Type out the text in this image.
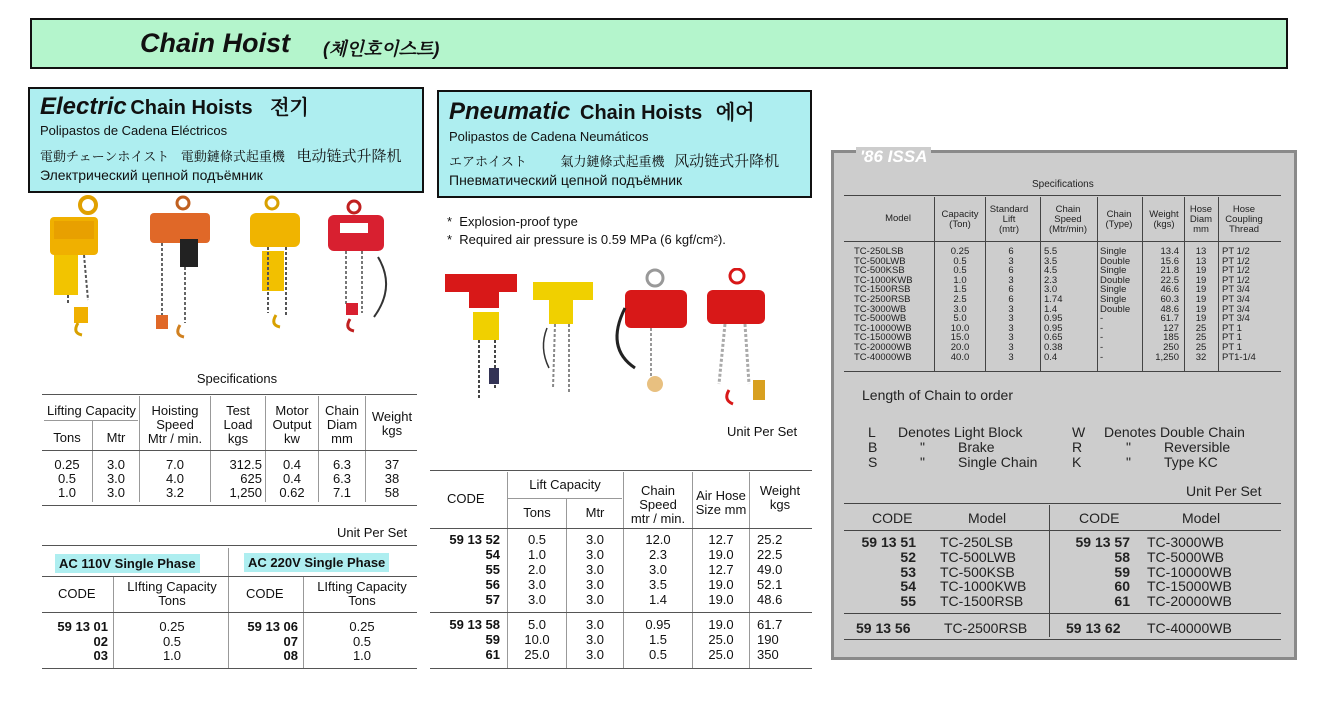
Chain Hoist (체인호이스트)
Electric Chain Hoists 전기
Polipastos de Cadena Eléctricos
電動チェーンホイスト 電動鏈條式起重機 电动链式升降机
Электрический цепной подъёмник
Pneumatic Chain Hoists 에어
Polipastos de Cadena Neumáticos
エアホイスト	氣力鏈條式起重機 风动链式升降机
Пневматический цепной подъёмник
Specifications
Lifting Capacity
Tons	Mtr
Hoisting
Speed
Mtr / min.
Test
Load
kgs
Motor
Output
kw
Chain
Diam
mm
Weight
kgs
0.25	3.0	7.0	312.5	0.4	6.3	37
0.5	3.0	4.0	625	0.4	6.3	38
1.0	3.0	3.2	1,250	0.62	7.1	58
Unit Per Set
AC 110V Single Phase	AC 220V Single Phase
CODE	LIfting Capacity
Tons	CODE	LIfting Capacity
Tons
59 13 01	0.25	59 13 06	0.25
02	0.5	07	0.5
03	1.0	08	1.0
*  Explosion-proof type
*  Required air pressure is 0.59 MPa (6 kgf/cm²).
Unit Per Set
CODE
Lift Capacity
Tons	Mtr
Chain
Speed
mtr / min.
Air Hose
Size mm
Weight
kgs
59 13 52	0.5	3.0	12.0	12.7	25.2
54	1.0	3.0	2.3	19.0	22.5
55	2.0	3.0	3.0	12.7	49.0
56	3.0	3.0	3.5	19.0	52.1
57	3.0	3.0	1.4	19.0	48.6
59 13 58	5.0	3.0	0.95	19.0	61.7
59	10.0	3.0	1.5	25.0	190
61	25.0	3.0	0.5	25.0	350
'86 ISSA
Specifications
Model	Capacity
(Ton)
Standard
Lift
(mtr)
Chain
Speed
(Mtr/min)
Chain
(Type)
Weight
(kgs)
Hose
Diam
mm
Hose
Coupling
Thread
TC-250LSB	0.25	6	5.5	Single	13.4	13	PT 1/2
TC-500LWB	0.5	3	3.5	Double	15.6	13	PT 1/2
TC-500KSB	0.5	6	4.5	Single	21.8	19	PT 1/2
TC-1000KWB	1.0	3	2.3	Double	22.5	19	PT 1/2
TC-1500RSB	1.5	6	3.0	Single	46.6	19	PT 3/4
TC-2500RSB	2.5	6	1.74	Single	60.3	19	PT 3/4
TC-3000WB	3.0	3	1.4	Double	48.6	19	PT 3/4
TC-5000WB	5.0	3	0.95	-	61.7	19	PT 3/4
TC-10000WB	10.0	3	0.95	-	127	25	PT 1
TC-15000WB	15.0	3	0.65	-	185	25	PT 1
TC-20000WB	20.0	3	0.38	-	250	25	PT 1
TC-40000WB	40.0	3	0.4	-	1,250	32	PT1-1/4
Length of Chain to order
L Denotes Light Block	W Denotes Double Chain
B	" Brake	R	" Reversible
S	" Single Chain K	" Type KC
Unit Per Set
CODE	Model	CODE	Model
59 13 51 TC-250LSB	59 13 57 TC-3000WB
52 TC-500LWB	58 TC-5000WB
53 TC-500KSB	59 TC-10000WB
54 TC-1000KWB	60 TC-15000WB
55 TC-1500RSB	61 TC-20000WB
59 13 56 TC-2500RSB	59 13 62 TC-40000WB
